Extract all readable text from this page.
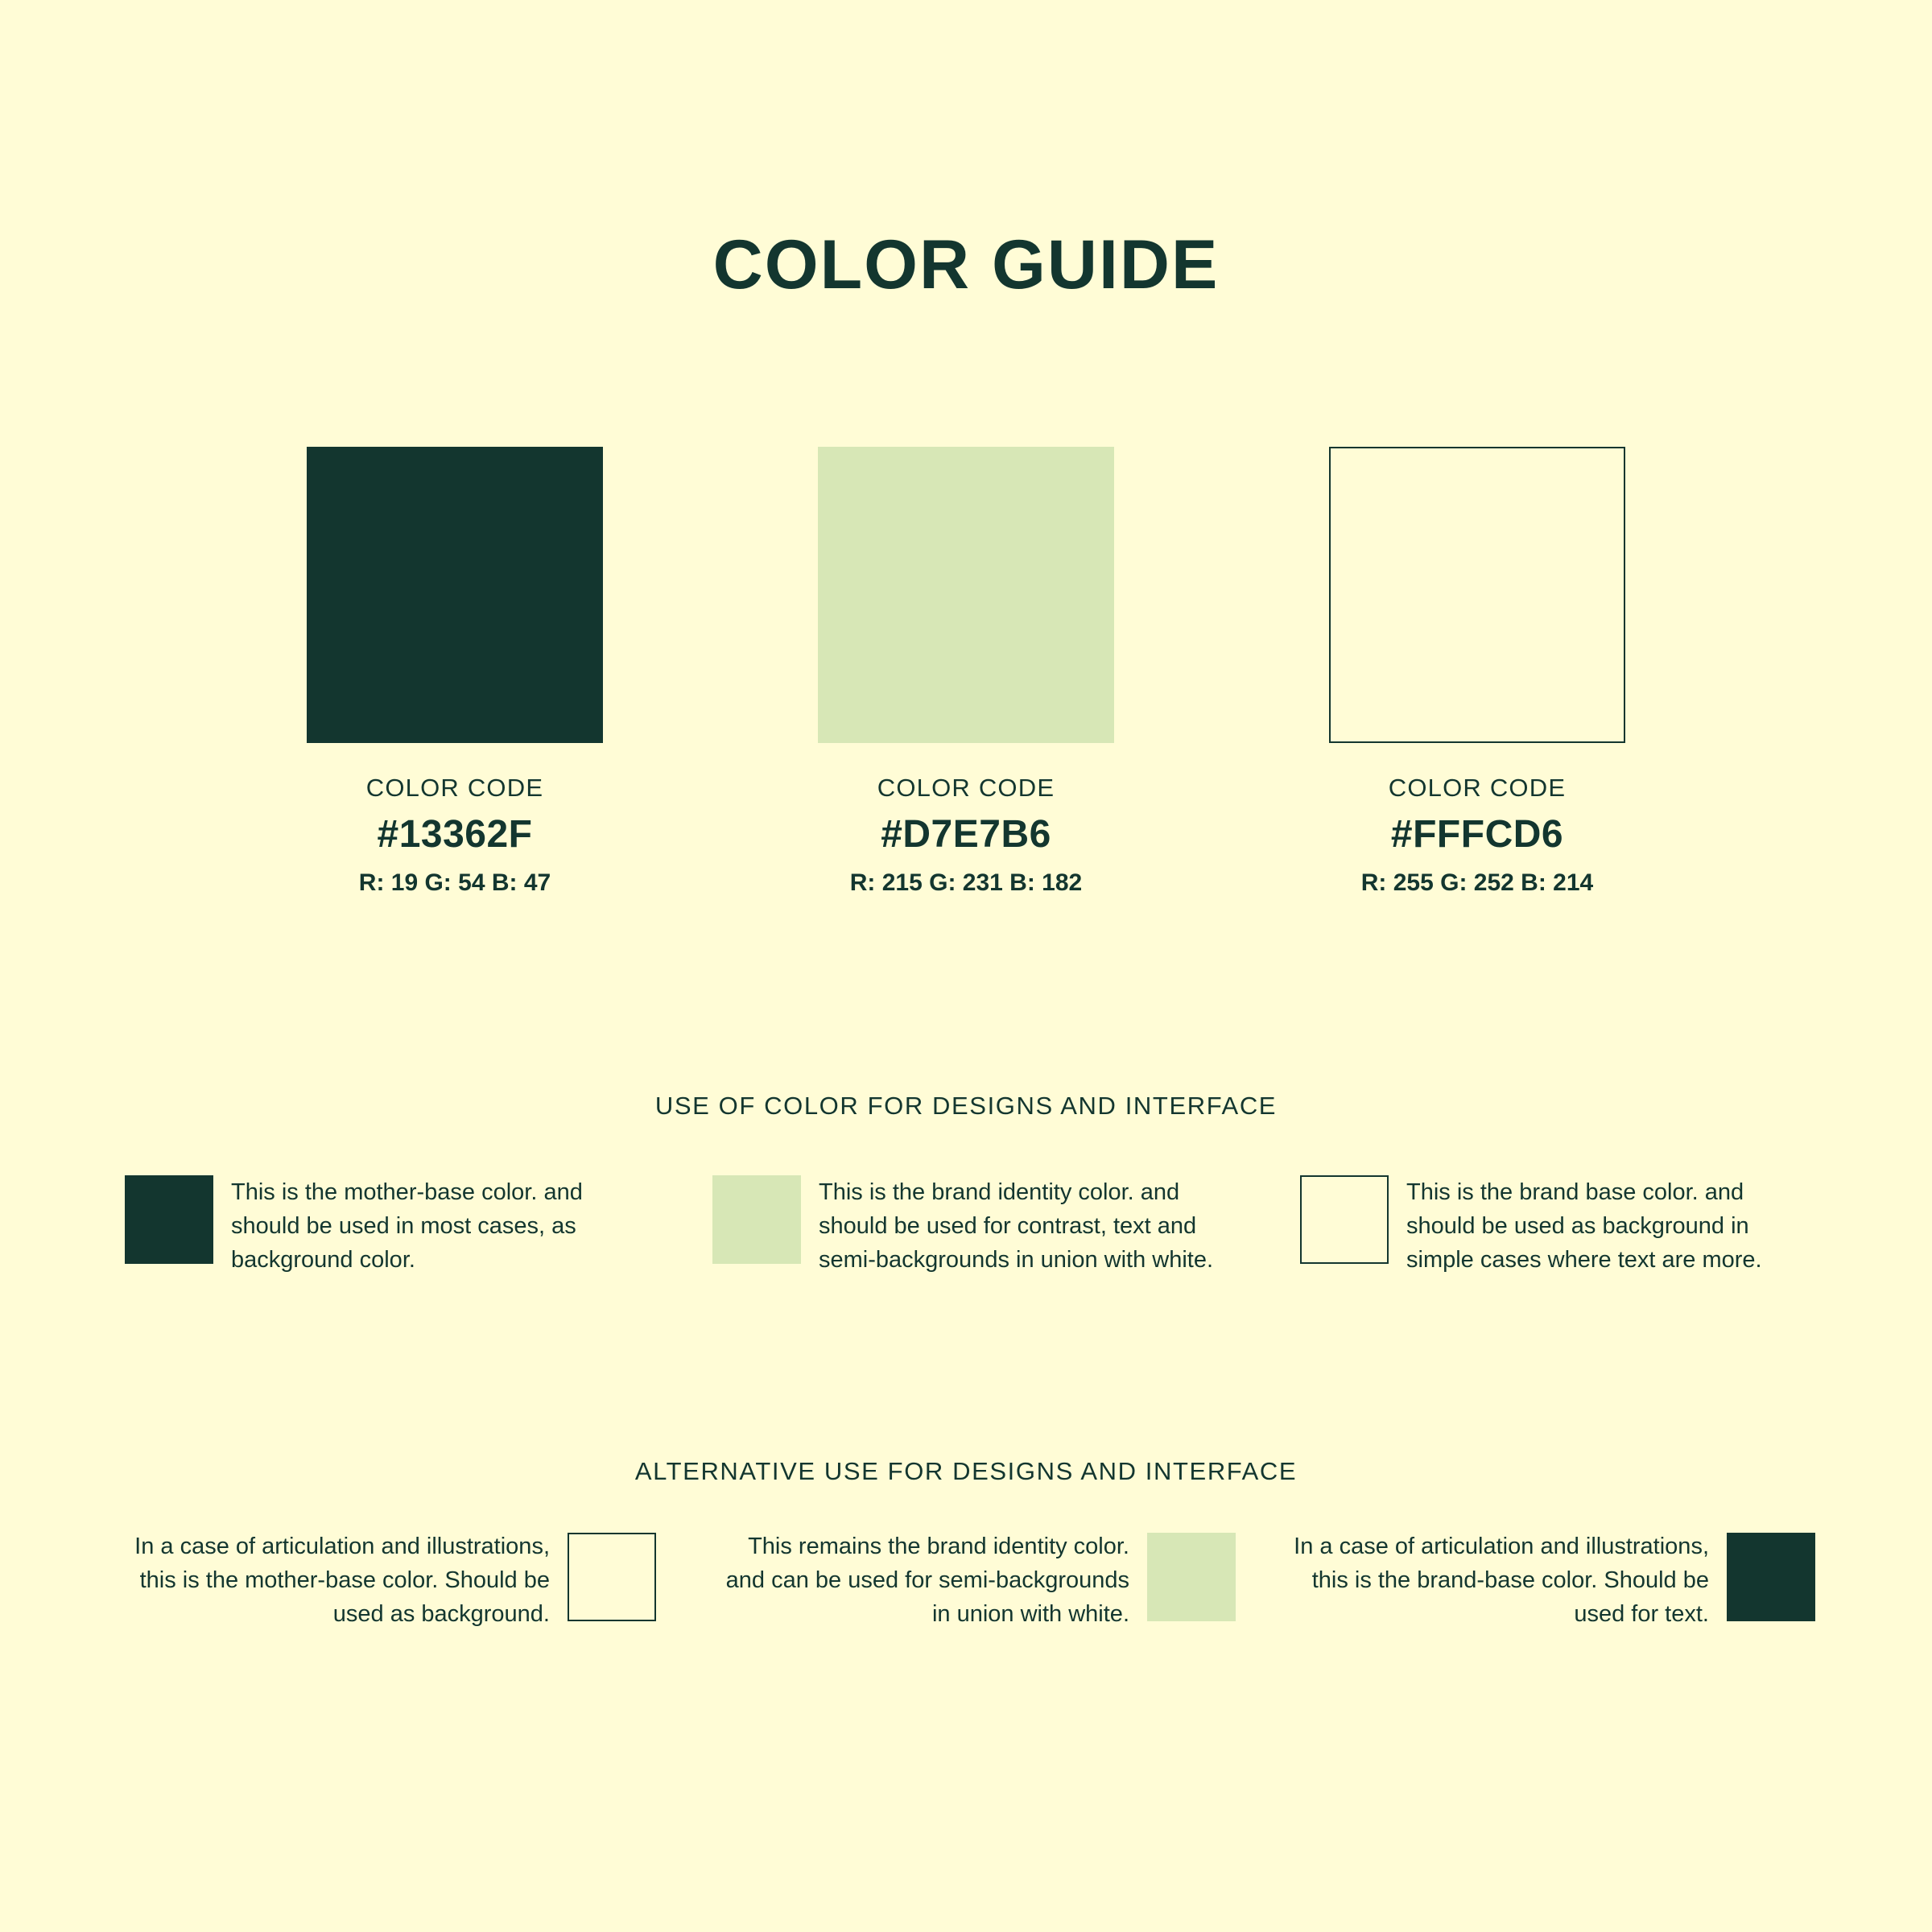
COLOR GUIDE
COLOR CODE
#13362F
R: 19 G: 54 B: 47
COLOR CODE
#D7E7B6
R: 215 G: 231 B: 182
COLOR CODE
#FFFCD6
R: 255 G: 252 B: 214
USE OF COLOR FOR DESIGNS AND INTERFACE
This is the mother-base color. and should be used in most cases, as background color.
This is the brand identity color. and should be used for contrast, text and semi-backgrounds in union with white.
This is the brand base color. and should be used as background in simple cases where text are more.
ALTERNATIVE USE FOR DESIGNS AND INTERFACE
In a case of articulation and illustrations, this is the mother-base color. Should be used as background.
This remains the brand identity color. and can be used for semi-backgrounds in union with white.
In a case of articulation and illustrations, this is the brand-base color. Should be used for text.
